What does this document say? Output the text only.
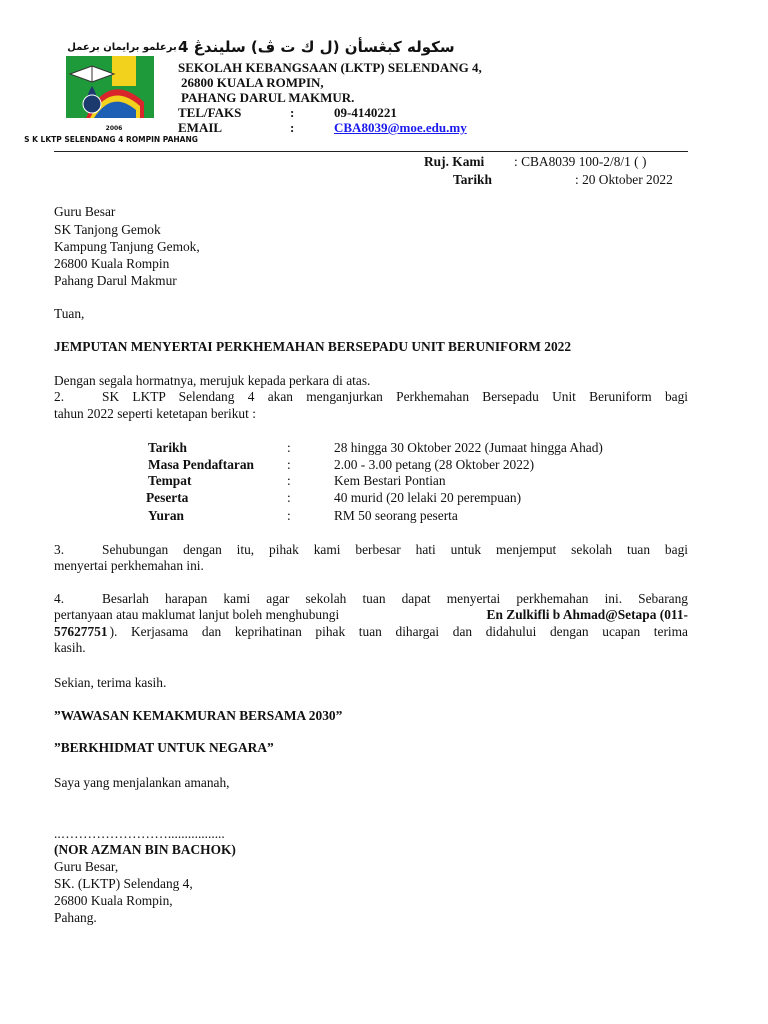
برعلمو برايمان برعمل
S K LKTP SELENDANG 4 ROMPIN PAHANG
2006
سكوله كبڠسأن (ل ك ت ڤ) سليندڠ 4
SEKOLAH KEBANGSAAN (LKTP) SELENDANG 4,
26800 KUALA ROMPIN,
PAHANG DARUL MAKMUR.
TEL/FAKS	:	09-4140221
EMAIL	:	CBA8039@moe.edu.my
Ruj. Kami : CBA8039 100-2/8/1 ( )
Tarikh	: 20 Oktober 2022
Guru Besar
SK Tanjong Gemok
Kampung Tanjung Gemok,
26800 Kuala Rompin
Pahang Darul Makmur
Tuan,
JEMPUTAN MENYERTAI PERKHEMAHAN BERSEPADU UNIT BERUNIFORM 2022
Dengan segala hormatnya, merujuk kepada perkara di atas.
2.	SK LKTP Selendang 4 akan menganjurkan Perkhemahan Bersepadu Unit Beruniform bagi
tahun 2022 seperti ketetapan berikut :
Tarikh	:	28 hingga 30 Oktober 2022 (Jumaat hingga Ahad)
Masa Pendaftaran :	2.00 - 3.00 petang (28 Oktober 2022)
Tempat	:	Kem Bestari Pontian
Peserta	:	40 murid (20 lelaki 20 perempuan)
Yuran	:	RM 50 seorang peserta
3.	Sehubungan dengan itu, pihak kami berbesar hati untuk menjemput sekolah tuan bagi
menyertai perkhemahan ini.
4.	Besarlah harapan kami agar sekolah tuan dapat menyertai perkhemahan ini. Sebarang
pertanyaan atau maklumat lanjut boleh menghubungi	En Zulkifli b Ahmad@Setapa (011-
57627751 ). Kerjasama dan keprihatinan pihak tuan dihargai dan didahului dengan ucapan terima
kasih.
Sekian, terima kasih.
”WAWASAN KEMAKMURAN BERSAMA 2030”
”BERKHIDMAT UNTUK NEGARA”
Saya yang menjalankan amanah,
..…………………….................
(NOR AZMAN BIN BACHOK)
Guru Besar,
SK. (LKTP) Selendang 4,
26800 Kuala Rompin,
Pahang.
